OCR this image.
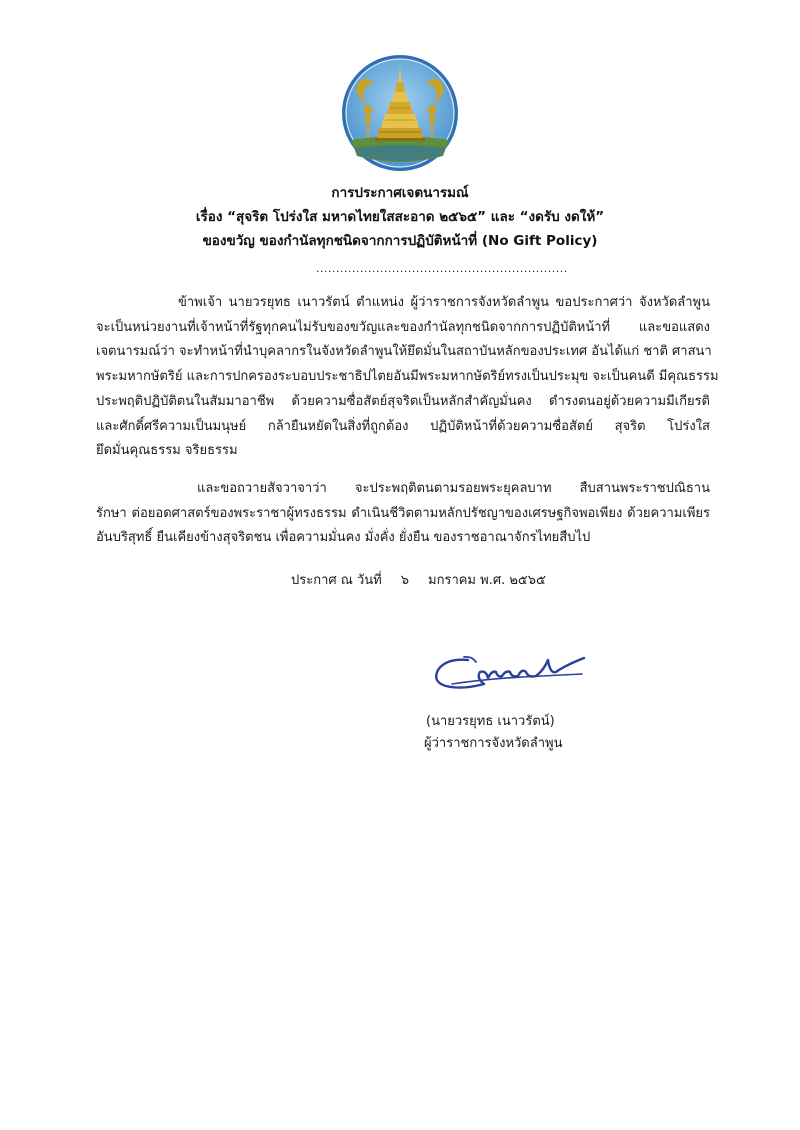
การประกาศเจตนารมณ์
เรื่อง “สุจริต โปร่งใส มหาดไทยใสสะอาด ๒๕๖๕” และ “งดรับ งดให้”
ของขวัญ ของกำนัลทุกชนิดจากการปฏิบัติหน้าที่ (No Gift Policy)
...............................................................
ข้าพเจ้า นายวรยุทธ เนาวรัตน์ ตำแหน่ง ผู้ว่าราชการจังหวัดลำพูน ขอประกาศว่า จังหวัดลำพูน
จะเป็นหน่วยงานที่เจ้าหน้าที่รัฐทุกคนไม่รับของขวัญและของกำนัลทุกชนิดจากการปฏิบัติหน้าที่ และขอแสดง
เจตนารมณ์ว่า จะทำหน้าที่นำบุคลากรในจังหวัดลำพูนให้ยึดมั่นในสถาบันหลักของประเทศ อันได้แก่ ชาติ ศาสนา
พระมหากษัตริย์ และการปกครองระบอบประชาธิปไตยอันมีพระมหากษัตริย์ทรงเป็นประมุข จะเป็นคนดี มีคุณธรรม
ประพฤติปฏิบัติตนในสัมมาอาชีพ ด้วยความซื่อสัตย์สุจริตเป็นหลักสำคัญมั่นคง ดำรงตนอยู่ด้วยความมีเกียรติ
และศักดิ์ศรีความเป็นมนุษย์ กล้ายืนหยัดในสิ่งที่ถูกต้อง ปฏิบัติหน้าที่ด้วยความซื่อสัตย์ สุจริต โปร่งใส
ยึดมั่นคุณธรรม จริยธรรม
และขอถวายสัจวาจาว่า จะประพฤติตนตามรอยพระยุคลบาท สืบสานพระราชปณิธาน
รักษา ต่อยอดศาสตร์ของพระราชาผู้ทรงธรรม ดำเนินชีวิตตามหลักปรัชญาของเศรษฐกิจพอเพียง ด้วยความเพียร
อันบริสุทธิ์ ยืนเคียงข้างสุจริตชน เพื่อความมั่นคง มั่งคั่ง ยั่งยืน ของราชอาณาจักรไทยสืบไป
ประกาศ ณ วันที่ ๖ มกราคม พ.ศ. ๒๕๖๕
(นายวรยุทธ เนาวรัตน์)
ผู้ว่าราชการจังหวัดลำพูน
